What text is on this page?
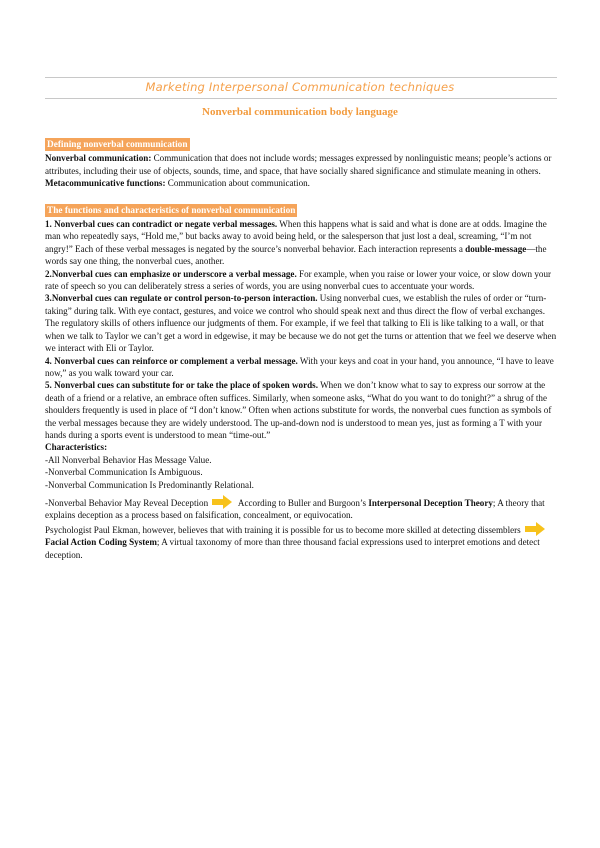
Marketing Interpersonal Communication techniques
Nonverbal communication body language
Defining nonverbal communication

Nonverbal communication: Communication that does not include words; messages expressed by nonlinguistic means; people’s actions or attributes, including their use of objects, sounds, time, and space, that have socially shared significance and stimulate meaning in others.

Metacommunicative functions: Communication about communication.

The functions and characteristics of nonverbal communication

1. Nonverbal cues can contradict or negate verbal messages. When this happens what is said and what is done are at odds. Imagine the man who repeatedly says, “Hold me,” but backs away to avoid being held, or the salesperson that just lost a deal, screaming, “I’m not angry!” Each of these verbal messages is negated by the source’s nonverbal behavior. Each interaction represents a double-message—the words say one thing, the nonverbal cues, another.

2.Nonverbal cues can emphasize or underscore a verbal message. For example, when you raise or lower your voice, or slow down your rate of speech so you can deliberately stress a series of words, you are using nonverbal cues to accentuate your words.

3.Nonverbal cues can regulate or control person-to-person interaction. Using nonverbal cues, we establish the rules of order or “turn-taking” during talk. With eye contact, gestures, and voice we control who should speak next and thus direct the flow of verbal exchanges. The regulatory skills of others influence our judgments of them. For example, if we feel that talking to Eli is like talking to a wall, or that when we talk to Taylor we can’t get a word in edgewise, it may be because we do not get the turns or attention that we feel we deserve when we interact with Eli or Taylor.

4. Nonverbal cues can reinforce or complement a verbal message. With your keys and coat in your hand, you announce, “I have to leave now,” as you walk toward your car.

5. Nonverbal cues can substitute for or take the place of spoken words. When we don’t know what to say to express our sorrow at the death of a friend or a relative, an embrace often suffices. Similarly, when someone asks, “What do you want to do tonight?” a shrug of the shoulders frequently is used in place of “I don’t know.” Often when actions substitute for words, the nonverbal cues function as symbols of the verbal messages because they are widely understood. The up-and-down nod is understood to mean yes, just as forming a T with your hands during a sports event is understood to mean “time-out.”

Characteristics:

-All Nonverbal Behavior Has Message Value.

-Nonverbal Communication Is Ambiguous.

-Nonverbal Communication Is Predominantly Relational.

-Nonverbal Behavior May Reveal Deception	According to Buller and Burgoon’s Interpersonal Deception Theory; A theory that explains deception as a process based on falsification, concealment, or equivocation.

Psychologist Paul Ekman, however, believes that with training it is possible for us to become more skilled at detecting dissemblers
Facial Action Coding System; A virtual taxonomy of more than three thousand facial expressions used to interpret emotions and detect deception.
